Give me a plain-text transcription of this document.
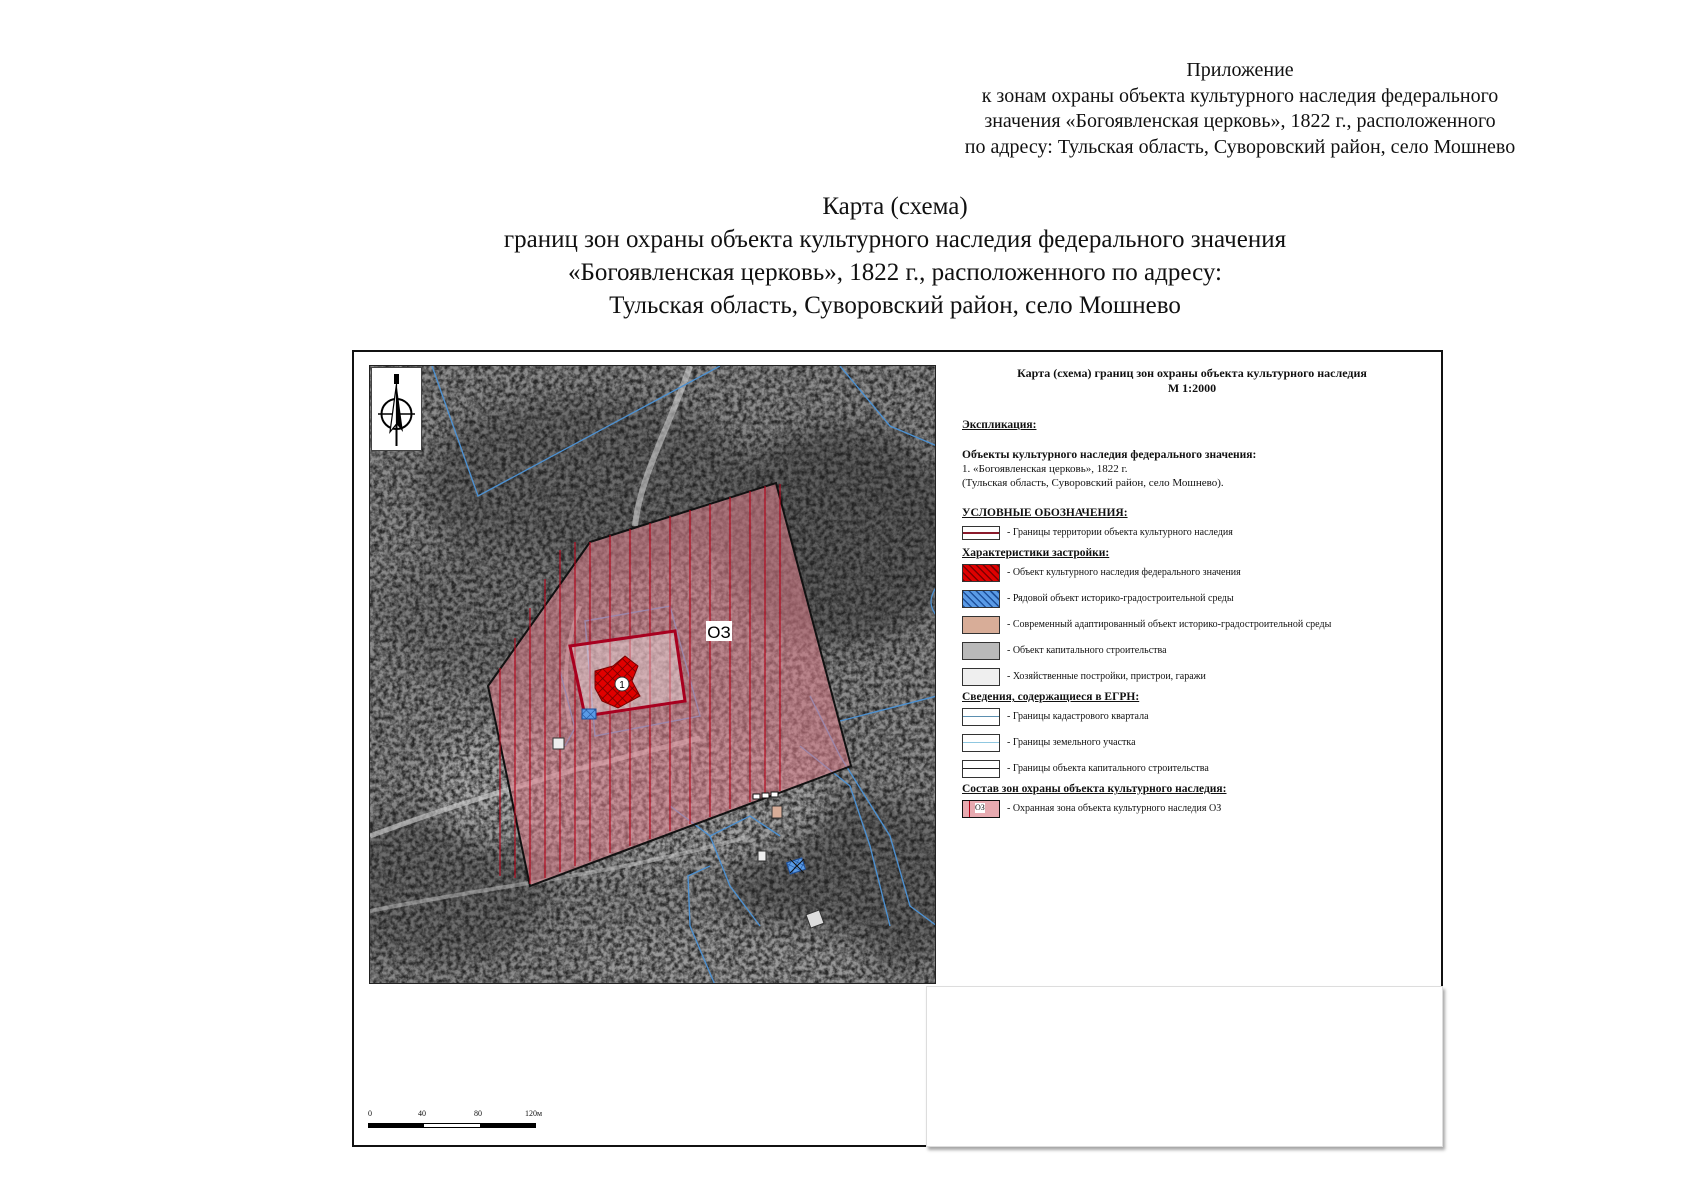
Приложение
к зонам охраны объекта культурного наследия федерального
значения «Богоявленская церковь», 1822 г., расположенного
по адресу: Тульская область, Суворовский район, село Мошнево
Карта (схема)
границ зон охраны объекта культурного наследия федерального значения
«Богоявленская церковь», 1822 г., расположенного по адресу:
Тульская область, Суворовский район, село Мошнево
1
ОЗ
Карта (схема) границ зон охраны объекта культурного наследия
М 1:2000
Экспликация:
Объекты культурного наследия федерального значения:
1. «Богоявленская церковь», 1822 г.
(Тульская область, Суворовский район, село Мошнево).
УСЛОВНЫЕ ОБОЗНАЧЕНИЯ:
- Границы территории объекта культурного наследия
Характеристики застройки:
- Объект культурного наследия федерального значения
- Рядовой объект историко-градостроительной среды
- Современный адаптированный объект историко-градостроительной среды
- Объект капитального строительства
- Хозяйственные постройки, пристрои, гаражи
Сведения, содержащиеся в ЕГРН:
- Границы кадастрового квартала
- Границы земельного участка
- Границы объекта капитального строительства
Состав зон охраны объекта культурного наследия:
ОЗ - Охранная зона объекта культурного наследия ОЗ
0	40	80	120м
